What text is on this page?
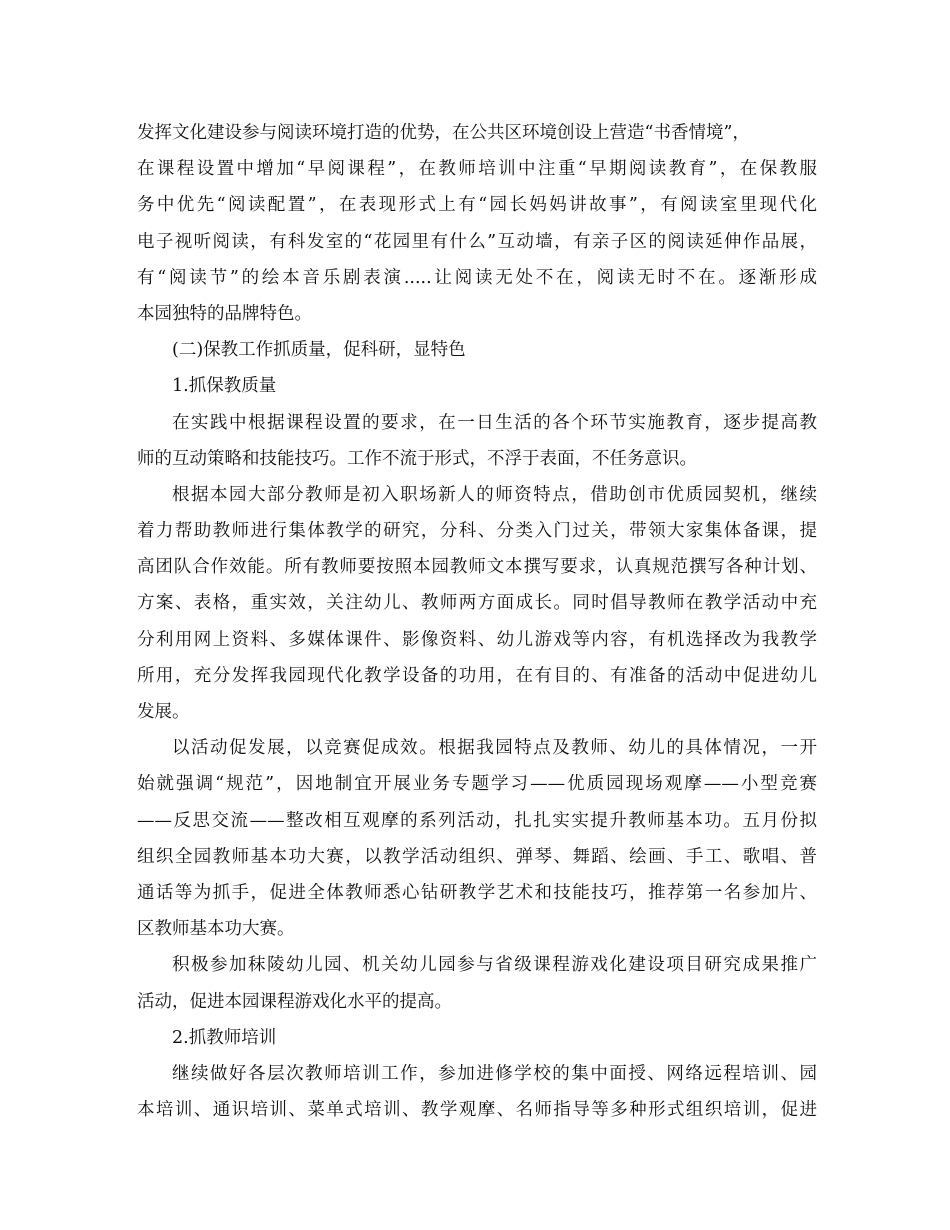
发挥文化建设参与阅读环境打造的优势，在公共区环境创设上营造“书香情境”，
在课程设置中增加“早阅课程”，在教师培训中注重“早期阅读教育”，在保教服
务中优先“阅读配置”，在表现形式上有“园长妈妈讲故事”，有阅读室里现代化
电子视听阅读，有科发室的“花园里有什么”互动墙，有亲子区的阅读延伸作品展，
有“阅读节”的绘本音乐剧表演.....让阅读无处不在，阅读无时不在。逐渐形成
本园独特的品牌特色。
(二)保教工作抓质量，促科研，显特色
1.抓保教质量
在实践中根据课程设置的要求，在一日生活的各个环节实施教育，逐步提高教
师的互动策略和技能技巧。工作不流于形式，不浮于表面，不任务意识。
根据本园大部分教师是初入职场新人的师资特点，借助创市优质园契机，继续
着力帮助教师进行集体教学的研究，分科、分类入门过关，带领大家集体备课，提
高团队合作效能。所有教师要按照本园教师文本撰写要求，认真规范撰写各种计划、
方案、表格，重实效，关注幼儿、教师两方面成长。同时倡导教师在教学活动中充
分利用网上资料、多媒体课件、影像资料、幼儿游戏等内容，有机选择改为我教学
所用，充分发挥我园现代化教学设备的功用，在有目的、有准备的活动中促进幼儿
发展。
以活动促发展，以竞赛促成效。根据我园特点及教师、幼儿的具体情况，一开
始就强调“规范”，因地制宜开展业务专题学习——优质园现场观摩——小型竞赛
——反思交流——整改相互观摩的系列活动，扎扎实实提升教师基本功。五月份拟
组织全园教师基本功大赛，以教学活动组织、弹琴、舞蹈、绘画、手工、歌唱、普
通话等为抓手，促进全体教师悉心钻研教学艺术和技能技巧，推荐第一名参加片、
区教师基本功大赛。
积极参加秣陵幼儿园、机关幼儿园参与省级课程游戏化建设项目研究成果推广
活动，促进本园课程游戏化水平的提高。
2.抓教师培训
继续做好各层次教师培训工作，参加进修学校的集中面授、网络远程培训、园
本培训、通识培训、菜单式培训、教学观摩、名师指导等多种形式组织培训，促进
